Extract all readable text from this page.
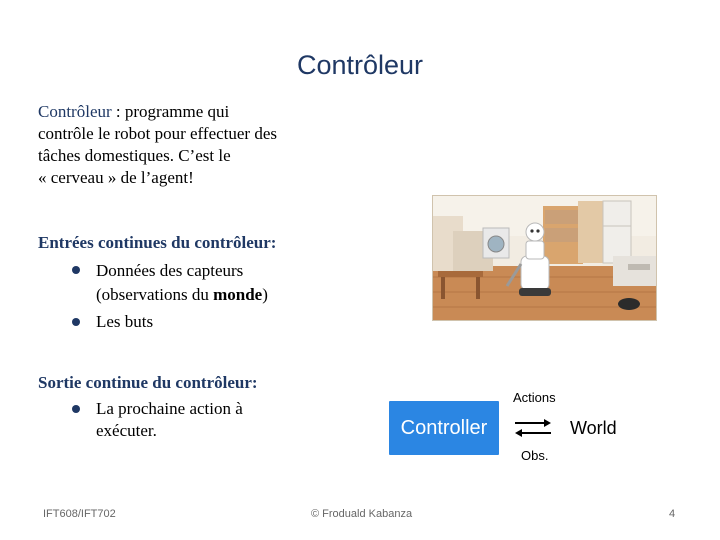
Contrôleur
Contrôleur : programme qui
contrôle le robot pour effectuer des
tâches domestiques. C’est le
« cerveau » de l’agent!
Entrées continues du contrôleur:
Données des capteurs
(observations du monde)
Les buts
Sortie continue du contrôleur:
La prochaine action à
exécuter.	Controller
Actions
Obs.
World
IFT608/IFT702	© Froduald Kabanza	4
